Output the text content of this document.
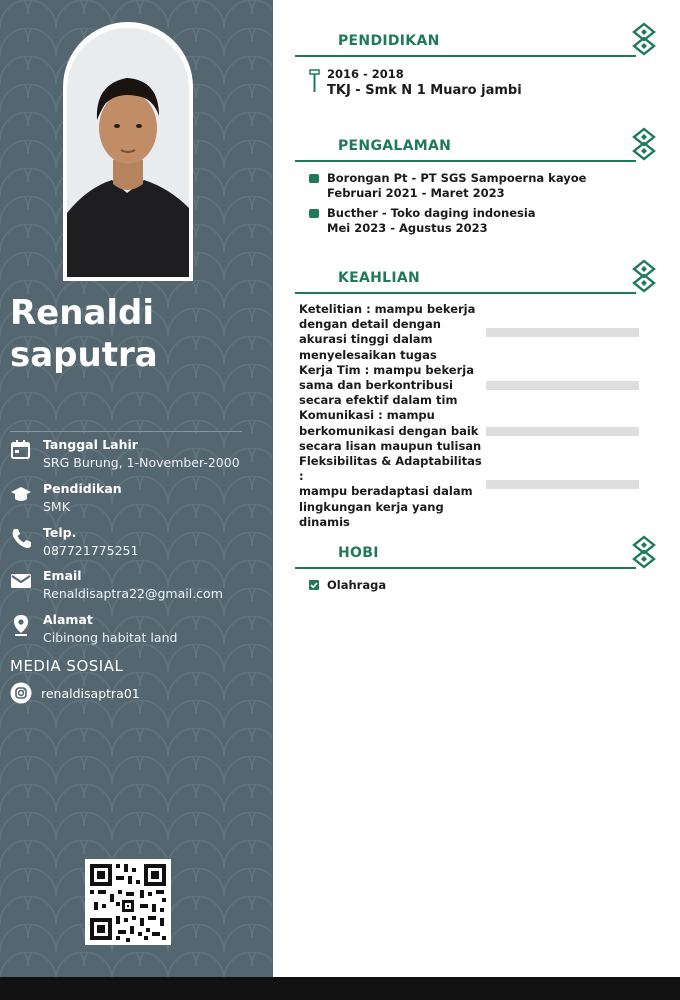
Renaldi
saputra
Tanggal Lahir
SRG Burung, 1-November-2000
Pendidikan
SMK
Telp.
087721775251
Email
Renaldisaptra22@gmail.com
Alamat
Cibinong habitat land
MEDIA SOSIAL
renaldisaptra01
PENDIDIKAN
2016 - 2018
TKJ - Smk N 1 Muaro jambi
PENGALAMAN
Borongan Pt - PT SGS Sampoerna kayoe
Februari 2021 - Maret 2023
Bucther - Toko daging indonesia
Mei 2023 - Agustus 2023
KEAHLIAN
Ketelitian : mampu bekerja
dengan detail dengan
akurasi tinggi dalam
menyelesaikan tugas
Kerja Tim : mampu bekerja
sama dan berkontribusi
secara efektif dalam tim
Komunikasi : mampu
berkomunikasi dengan baik
secara lisan maupun tulisan
Fleksibilitas & Adaptabilitas :
mampu beradaptasi dalam
lingkungan kerja yang
dinamis
HOBI
Olahraga
